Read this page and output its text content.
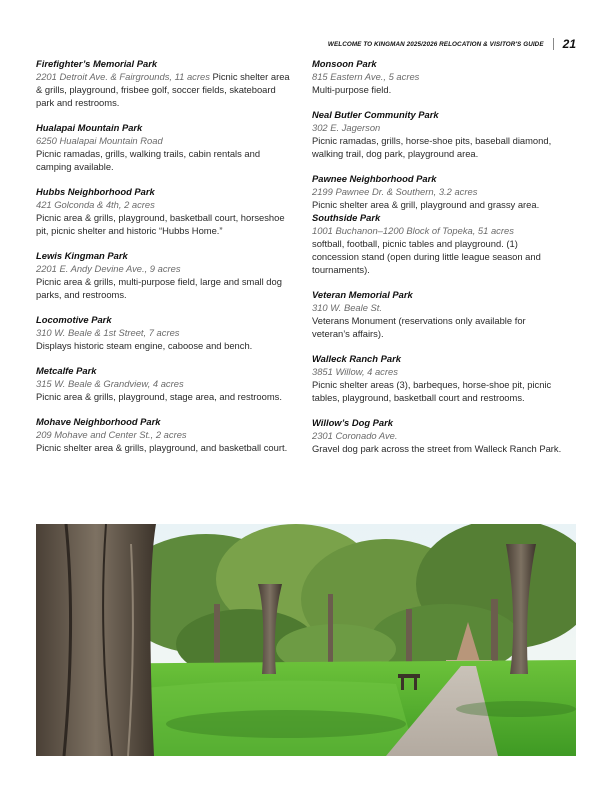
WELCOME TO KINGMAN 2025/2026 RELOCATION & VISITOR'S GUIDE 21
Firefighter’s Memorial Park
2201 Detroit Ave. & Fairgrounds, 11 acres Picnic shelter area & grills, playground, frisbee golf, soccer fields, skateboard park and restrooms.
Hualapai Mountain Park
6250 Hualapai Mountain Road
Picnic ramadas, grills, walking trails, cabin rentals and camping available.
Hubbs Neighborhood Park
421 Golconda & 4th, 2 acres
Picnic area & grills, playground, basketball court, horseshoe pit, picnic shelter and historic “Hubbs Home.”
Lewis Kingman Park
2201 E. Andy Devine Ave., 9 acres
Picnic area & grills, multi-purpose field, large and small dog parks, and restrooms.
Locomotive Park
310 W. Beale & 1st Street, 7 acres
Displays historic steam engine, caboose and bench.
Metcalfe Park
315 W. Beale & Grandview, 4 acres
Picnic area & grills, playground, stage area, and restrooms.
Mohave Neighborhood Park
209 Mohave and Center St., 2 acres
Picnic shelter area & grills, playground, and basketball court.
Monsoon Park
815 Eastern Ave., 5 acres
Multi-purpose field.
Neal Butler Community Park
302 E. Jagerson
Picnic ramadas, grills, horse-shoe pits, baseball diamond, walking trail, dog park, playground area.
Pawnee Neighborhood Park
2199 Pawnee Dr. & Southern, 3.2 acres
Picnic shelter area & grill, playground and grassy area.
Southside Park
1001 Buchanon–1200 Block of Topeka, 51 acres
softball, football, picnic tables and playground. (1) concession stand (open during little league season and tournaments).
Veteran Memorial Park
310 W. Beale St.
Veterans Monument (reservations only available for veteran’s affairs).
Walleck Ranch Park
3851 Willow, 4 acres
Picnic shelter areas (3), barbeques, horse-shoe pit, picnic tables, playground, basketball court and restrooms.
Willow’s Dog Park
2301 Coronado Ave.
Gravel dog park across the street from Walleck Ranch Park.
